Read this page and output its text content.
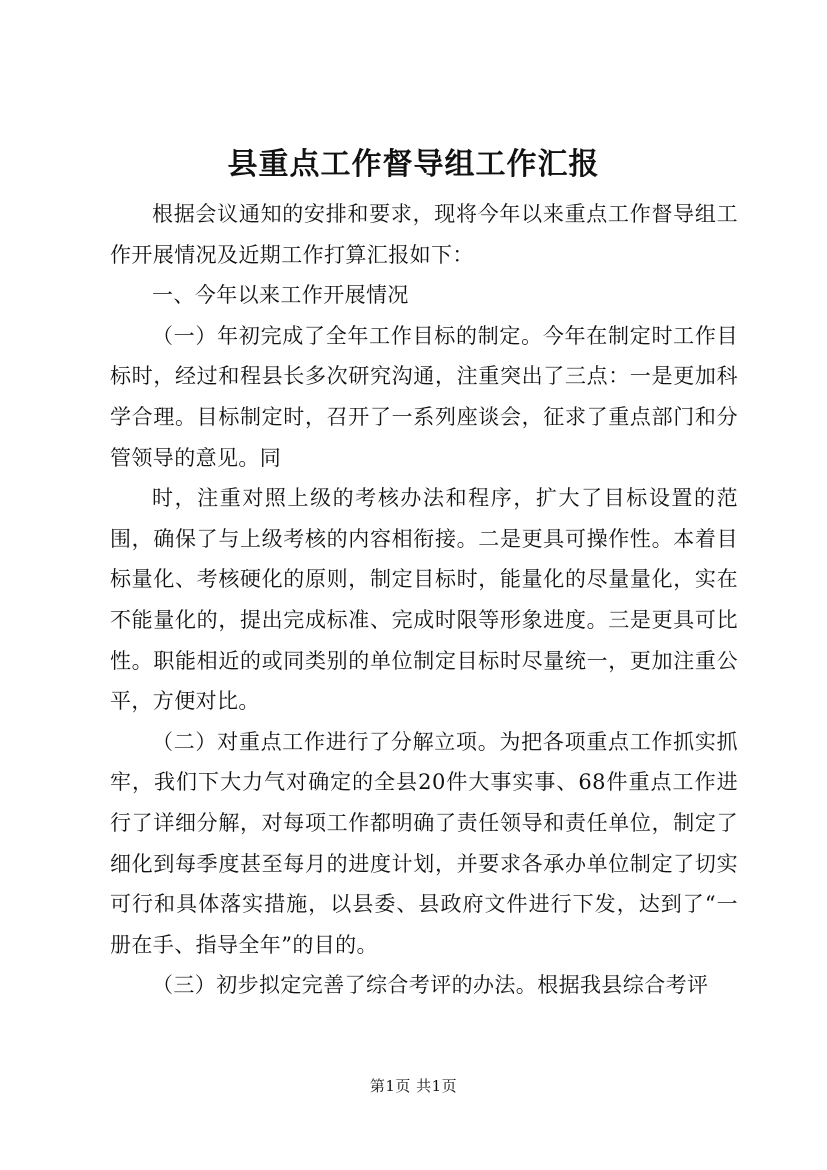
县重点工作督导组工作汇报

根据会议通知的安排和要求，现将今年以来重点工作督导组工作开展情况及近期工作打算汇报如下：

一、今年以来工作开展情况

（一）年初完成了全年工作目标的制定。今年在制定时工作目标时，经过和程县长多次研究沟通，注重突出了三点：一是更加科学合理。目标制定时，召开了一系列座谈会，征求了重点部门和分管领导的意见。同

时，注重对照上级的考核办法和程序，扩大了目标设置的范围，确保了与上级考核的内容相衔接。二是更具可操作性。本着目标量化、考核硬化的原则，制定目标时，能量化的尽量量化，实在不能量化的，提出完成标准、完成时限等形象进度。三是更具可比性。职能相近的或同类别的单位制定目标时尽量统一，更加注重公平，方便对比。

（二）对重点工作进行了分解立项。为把各项重点工作抓实抓牢，我们下大力气对确定的全县20件大事实事、68件重点工作进行了详细分解，对每项工作都明确了责任领导和责任单位，制定了细化到每季度甚至每月的进度计划，并要求各承办单位制定了切实可行和具体落实措施，以县委、县政府文件进行下发，达到了“一册在手、指导全年”的目的。

（三）初步拟定完善了综合考评的办法。根据我县综合考评

第1页 共1页
